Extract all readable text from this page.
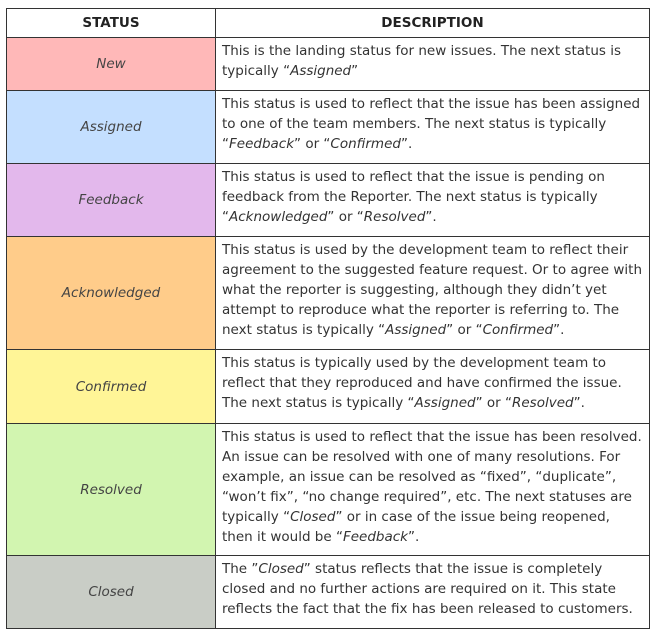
STATUS	DESCRIPTION
New	This is the landing status for new issues. The next status is typically “Assigned”
Assigned	This status is used to reflect that the issue has been assigned to one of the team members. The next status is typically “Feedback” or “Confirmed”.
Feedback	This status is used to reflect that the issue is pending on feedback from the Reporter. The next status is typically “Acknowledged” or “Resolved”.
Acknowledged	This status is used by the development team to reflect their agreement to the suggested feature request. Or to agree with what the reporter is suggesting, although they didn’t yet attempt to reproduce what the reporter is referring to. The next status is typically “Assigned” or “Confirmed”.
Confirmed	This status is typically used by the development team to reflect that they reproduced and have confirmed the issue. The next status is typically “Assigned” or “Resolved”.
Resolved	This status is used to reflect that the issue has been resolved. An issue can be resolved with one of many resolutions. For example, an issue can be resolved as “fixed”, “duplicate”, “won’t fix”, “no change required”, etc. The next statuses are typically “Closed” or in case of the issue being reopened, then it would be “Feedback”.
Closed	The ”Closed” status reflects that the issue is completely closed and no further actions are required on it. This state reflects the fact that the fix has been released to customers.
